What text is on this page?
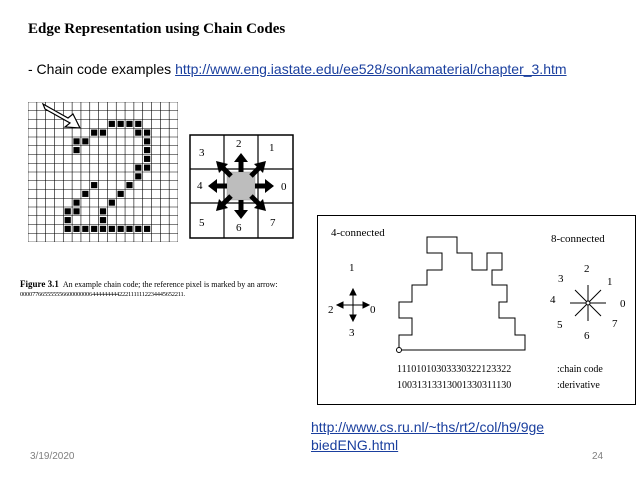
Edge Representation using Chain Codes
- Chain code examples http://www.eng.iastate.edu/ee528/sonkamaterial/chapter_3.htm
0
1
2
3
4
5	6	7
Figure 3.1 An example chain code; the reference pixel is marked by an arrow:
0000776655555566000000064444444442221111112234445652211.
4-connected	8-connected
1
2	0
3
0
1
2
3
4
5
6
7
11101010303330322123322	:chain code
10031313313001330311130	:derivative
http://www.cs.ru.nl/~ths/rt2/col/h9/9ge
biedENG.html
3/19/2020	24
